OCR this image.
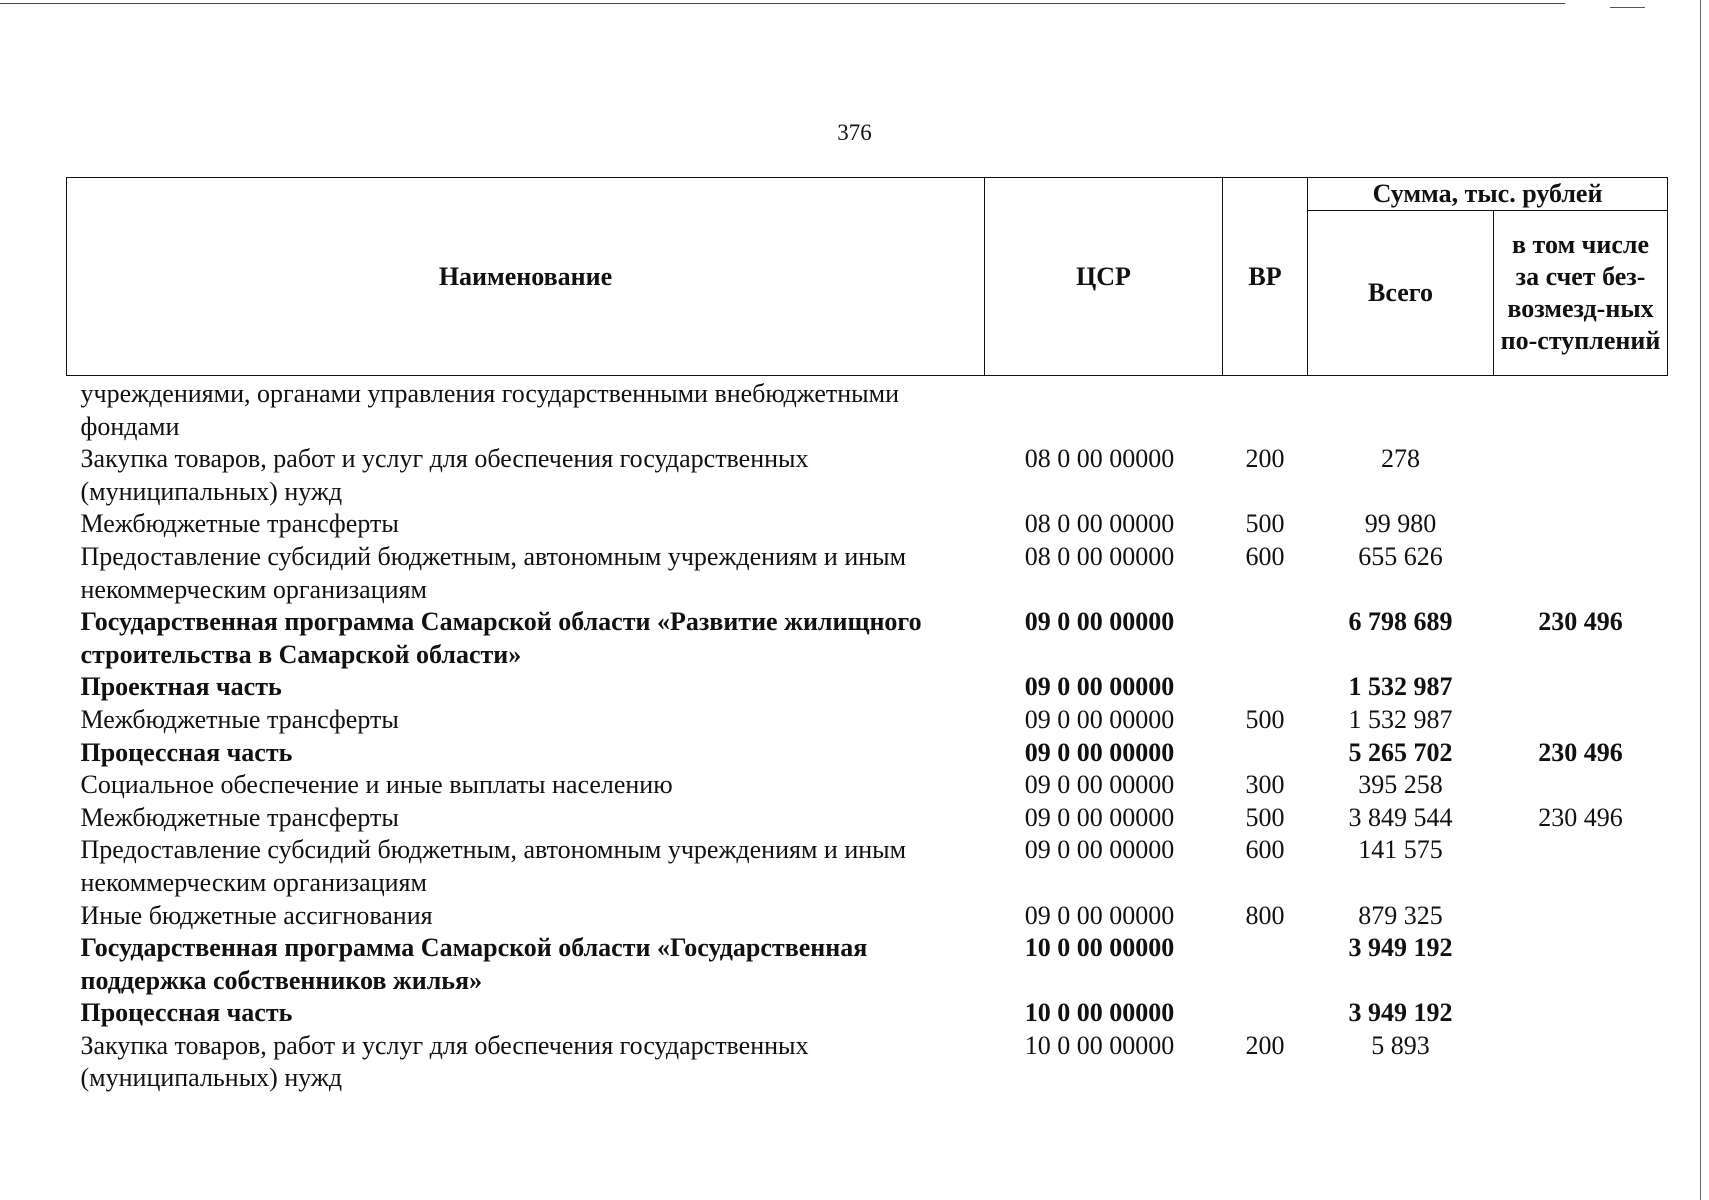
376
Наименование	ЦСР	ВР	Сумма, тыс. рублей	
			Всего	в том числе за счет без-возмезд-ных по-ступлений
учреждениями, органами управления государственными внебюджетными фондами				
Закупка товаров, работ и услуг для обеспечения государственных (муниципальных) нужд	08 0 00 00000	200	278	
Межбюджетные трансферты	08 0 00 00000	500	99 980	
Предоставление субсидий бюджетным, автономным учреждениям и иным некоммерческим организациям	08 0 00 00000	600	655 626	
Государственная программа Самарской области «Развитие жилищного строительства в Самарской области»	09 0 00 00000		6 798 689	230 496
Проектная часть	09 0 00 00000		1 532 987	
Межбюджетные трансферты	09 0 00 00000	500	1 532 987	
Процессная часть	09 0 00 00000		5 265 702	230 496
Социальное обеспечение и иные выплаты населению	09 0 00 00000	300	395 258	
Межбюджетные трансферты	09 0 00 00000	500	3 849 544	230 496
Предоставление субсидий бюджетным, автономным учреждениям и иным некоммерческим организациям	09 0 00 00000	600	141 575	
Иные бюджетные ассигнования	09 0 00 00000	800	879 325	
Государственная программа Самарской области «Государственная поддержка собственников жилья»	10 0 00 00000		3 949 192	
Процессная часть	10 0 00 00000		3 949 192	
Закупка товаров, работ и услуг для обеспечения государственных (муниципальных) нужд	10 0 00 00000	200	5 893	
